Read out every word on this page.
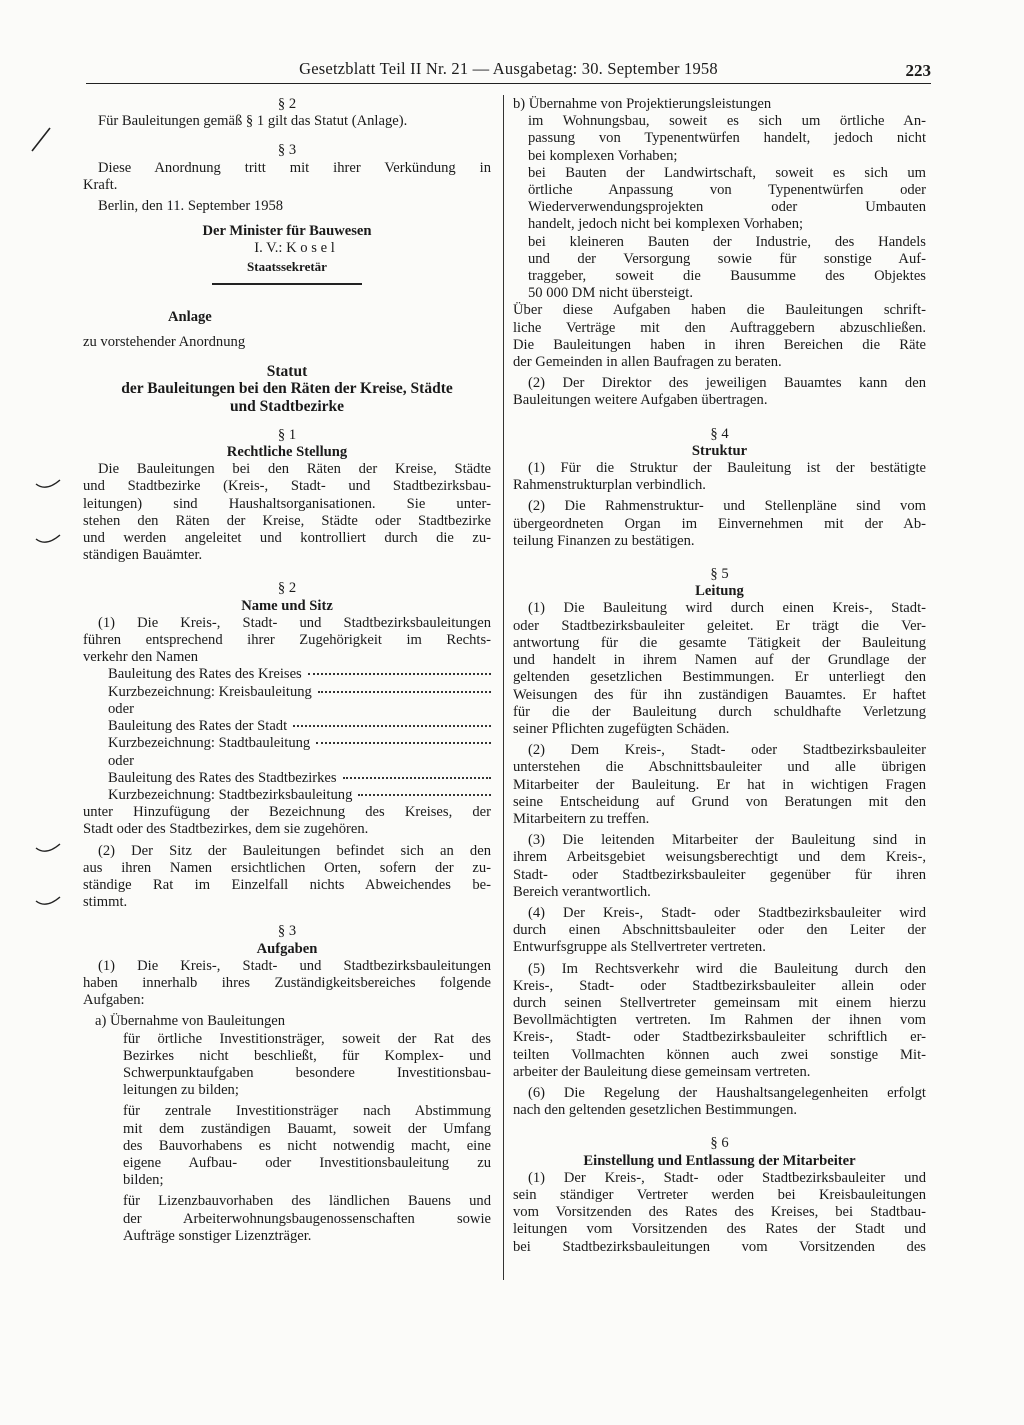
Gesetzblatt Teil II Nr. 21 — Ausgabetag: 30. September 1958	223
§ 2
Für Bauleitungen gemäß § 1 gilt das Statut (Anlage).
§ 3
Diese Anordnung tritt mit ihrer Verkündung in
Kraft.
Berlin, den 11. September 1958
Der Minister für Bauwesen
I. V.: K o s e l
Staatssekretär
Anlage
zu vorstehender Anordnung
Statut
der Bauleitungen bei den Räten der Kreise, Städte
und Stadtbezirke
§ 1
Rechtliche Stellung
Die Bauleitungen bei den Räten der Kreise, Städte
und Stadtbezirke (Kreis-, Stadt- und Stadtbezirksbau-
leitungen) sind Haushaltsorganisationen. Sie unter-
stehen den Räten der Kreise, Städte oder Stadtbezirke
und werden angeleitet und kontrolliert durch die zu-
ständigen Bauämter.
§ 2
Name und Sitz
(1) Die Kreis-, Stadt- und Stadtbezirksbauleitungen
führen entsprechend ihrer Zugehörigkeit im Rechts-
verkehr den Namen
Bauleitung des Rates des Kreises
Kurzbezeichnung: Kreisbauleitung
oder
Bauleitung des Rates der Stadt
Kurzbezeichnung: Stadtbauleitung
oder
Bauleitung des Rates des Stadtbezirkes
Kurzbezeichnung: Stadtbezirksbauleitung
unter Hinzufügung der Bezeichnung des Kreises, der
Stadt oder des Stadtbezirkes, dem sie zugehören.
(2) Der Sitz der Bauleitungen befindet sich an den
aus ihren Namen ersichtlichen Orten, sofern der zu-
ständige Rat im Einzelfall nichts Abweichendes be-
stimmt.
§ 3
Aufgaben
(1) Die Kreis-, Stadt- und Stadtbezirksbauleitungen
haben innerhalb ihres Zuständigkeitsbereiches folgende
Aufgaben:
a) Übernahme von Bauleitungen
für örtliche Investitionsträger, soweit der Rat des
Bezirkes nicht beschließt, für Komplex- und
Schwerpunktaufgaben besondere Investitionsbau-
leitungen zu bilden;
für zentrale Investitionsträger nach Abstimmung
mit dem zuständigen Bauamt, soweit der Umfang
des Bauvorhabens es nicht notwendig macht, eine
eigene Aufbau- oder Investitionsbauleitung zu
bilden;
für Lizenzbauvorhaben des ländlichen Bauens und
der Arbeiterwohnungsbaugenossenschaften sowie
Aufträge sonstiger Lizenzträger.
b) Übernahme von Projektierungsleistungen
im Wohnungsbau, soweit es sich um örtliche An-
passung von Typenentwürfen handelt, jedoch nicht
bei komplexen Vorhaben;
bei Bauten der Landwirtschaft, soweit es sich um
örtliche Anpassung von Typenentwürfen oder
Wiederverwendungsprojekten oder Umbauten
handelt, jedoch nicht bei komplexen Vorhaben;
bei kleineren Bauten der Industrie, des Handels
und der Versorgung sowie für sonstige Auf-
traggeber, soweit die Bausumme des Objektes
50 000 DM nicht übersteigt.
Über diese Aufgaben haben die Bauleitungen schrift-
liche Verträge mit den Auftraggebern abzuschließen.
Die Bauleitungen haben in ihren Bereichen die Räte
der Gemeinden in allen Baufragen zu beraten.
(2) Der Direktor des jeweiligen Bauamtes kann den
Bauleitungen weitere Aufgaben übertragen.
§ 4
Struktur
(1) Für die Struktur der Bauleitung ist der bestätigte
Rahmenstrukturplan verbindlich.
(2) Die Rahmenstruktur- und Stellenpläne sind vom
übergeordneten Organ im Einvernehmen mit der Ab-
teilung Finanzen zu bestätigen.
§ 5
Leitung
(1) Die Bauleitung wird durch einen Kreis-, Stadt-
oder Stadtbezirksbauleiter geleitet. Er trägt die Ver-
antwortung für die gesamte Tätigkeit der Bauleitung
und handelt in ihrem Namen auf der Grundlage der
geltenden gesetzlichen Bestimmungen. Er unterliegt den
Weisungen des für ihn zuständigen Bauamtes. Er haftet
für die der Bauleitung durch schuldhafte Verletzung
seiner Pflichten zugefügten Schäden.
(2) Dem Kreis-, Stadt- oder Stadtbezirksbauleiter
unterstehen die Abschnittsbauleiter und alle übrigen
Mitarbeiter der Bauleitung. Er hat in wichtigen Fragen
seine Entscheidung auf Grund von Beratungen mit den
Mitarbeitern zu treffen.
(3) Die leitenden Mitarbeiter der Bauleitung sind in
ihrem Arbeitsgebiet weisungsberechtigt und dem Kreis-,
Stadt- oder Stadtbezirksbauleiter gegenüber für ihren
Bereich verantwortlich.
(4) Der Kreis-, Stadt- oder Stadtbezirksbauleiter wird
durch einen Abschnittsbauleiter oder den Leiter der
Entwurfsgruppe als Stellvertreter vertreten.
(5) Im Rechtsverkehr wird die Bauleitung durch den
Kreis-, Stadt- oder Stadtbezirksbauleiter allein oder
durch seinen Stellvertreter gemeinsam mit einem hierzu
Bevollmächtigten vertreten. Im Rahmen der ihnen vom
Kreis-, Stadt- oder Stadtbezirksbauleiter schriftlich er-
teilten Vollmachten können auch zwei sonstige Mit-
arbeiter der Bauleitung diese gemeinsam vertreten.
(6) Die Regelung der Haushaltsangelegenheiten erfolgt
nach den geltenden gesetzlichen Bestimmungen.
§ 6
Einstellung und Entlassung der Mitarbeiter
(1) Der Kreis-, Stadt- oder Stadtbezirksbauleiter und
sein ständiger Vertreter werden bei Kreisbauleitungen
vom Vorsitzenden des Rates des Kreises, bei Stadtbau-
leitungen vom Vorsitzenden des Rates der Stadt und
bei Stadtbezirksbauleitungen vom Vorsitzenden des
